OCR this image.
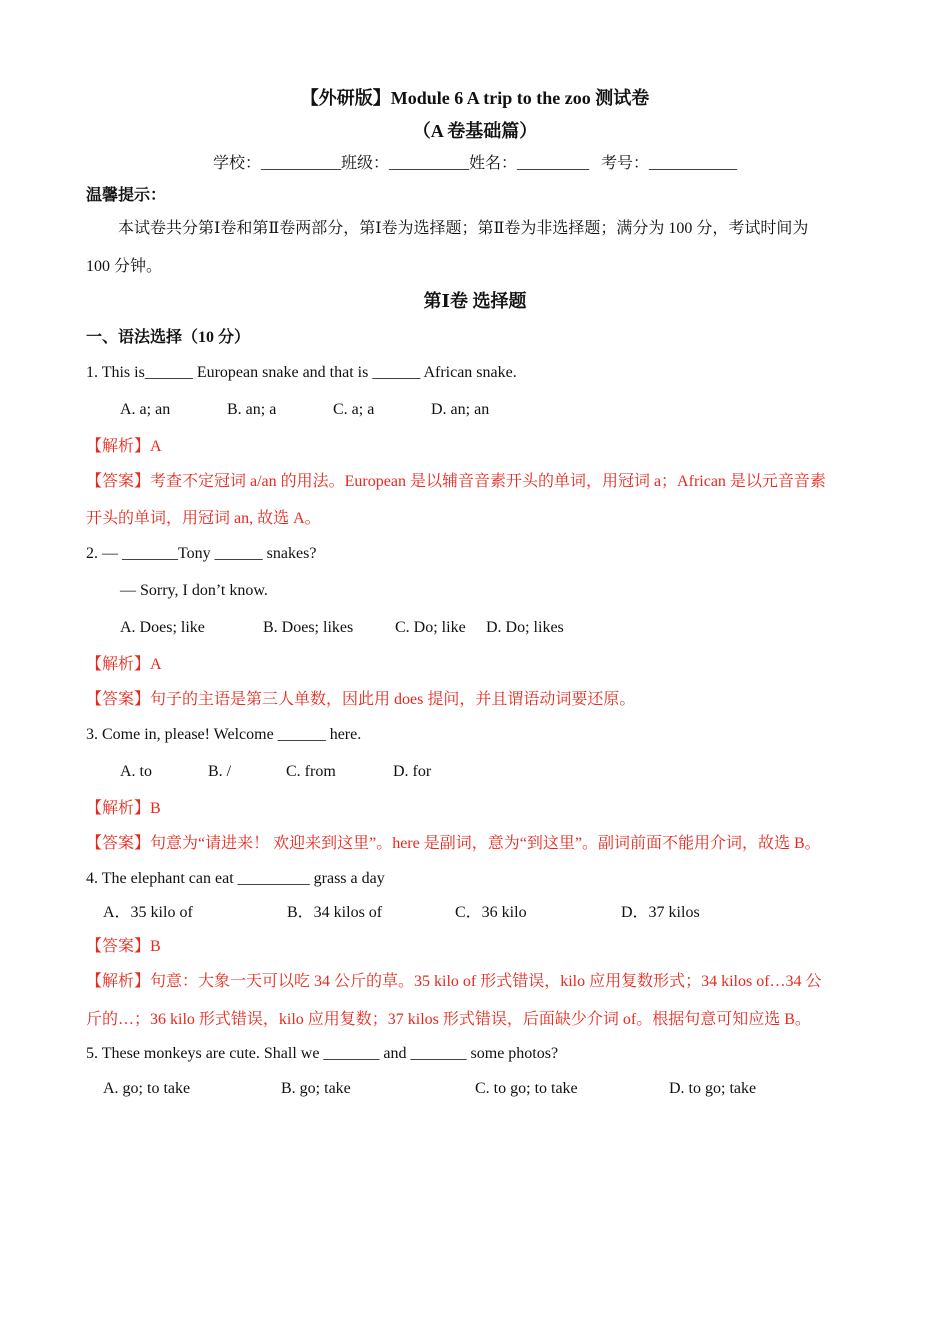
【外研版】Module 6 A trip to the zoo 测试卷
（A 卷基础篇）
学校：__________班级：__________姓名：_________   考号：___________
温馨提示：
本试卷共分第Ⅰ卷和第Ⅱ卷两部分，第Ⅰ卷为选择题；第Ⅱ卷为非选择题；满分为 100 分，考试时间为
100 分钟。
第Ⅰ卷 选择题
一、语法选择（10 分）
1. This is______ European snake and that is ______ African snake.
A. a; an	B. an; a	C. a; a	D. an; an
【解析】A
【答案】考查不定冠词 a/an 的用法。European 是以辅音音素开头的单词，用冠词 a；African 是以元音音素
开头的单词，用冠词 an, 故选 A。
2. — _______Tony ______ snakes?
— Sorry, I don’t know.
A. Does; like	B. Does; likes	C. Do; like D. Do; likes
【解析】A
【答案】句子的主语是第三人单数，因此用 does 提问，并且谓语动词要还原。
3. Come in, please! Welcome ______ here.
A. to	B. /	C. from	D. for
【解析】B
【答案】句意为“请进来！ 欢迎来到这里”。here 是副词，意为“到这里”。副词前面不能用介词，故选 B。
4. The elephant can eat _________ grass a day
A．35 kilo of	B．34 kilos of	C．36 kilo	D．37 kilos
【答案】B
【解析】句意：大象一天可以吃 34 公斤的草。35 kilo of 形式错误，kilo 应用复数形式；34 kilos of…34 公
斤的…；36 kilo 形式错误，kilo 应用复数；37 kilos 形式错误，后面缺少介词 of。根据句意可知应选 B。
5. These monkeys are cute. Shall we _______ and _______ some photos?
A. go; to take	B. go; take	C. to go; to take	D. to go; take
